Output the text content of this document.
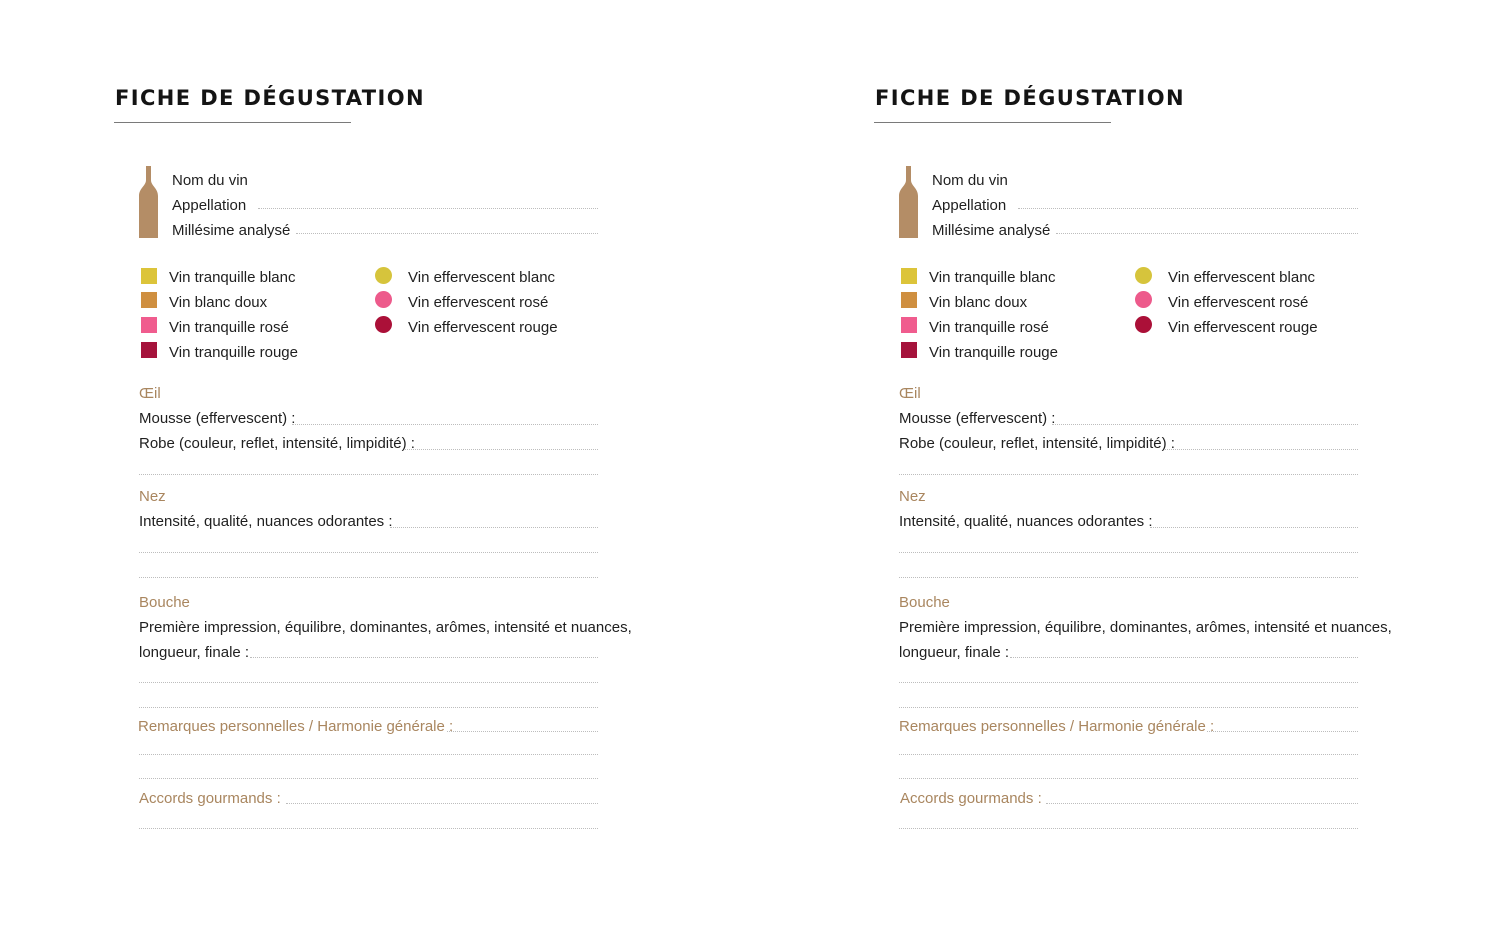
FICHE DE DÉGUSTATION
Nom du vin
Appellation
Millésime analysé
Vin tranquille blanc
Vin blanc doux
Vin tranquille rosé
Vin tranquille rouge
Vin effervescent blanc
Vin effervescent rosé
Vin effervescent rouge
Œil
Mousse (effervescent) :
Robe (couleur, reflet, intensité, limpidité) :
Nez
Intensité, qualité, nuances odorantes :
Bouche
Première impression, équilibre, dominantes, arômes, intensité et nuances,
longueur, finale :
Remarques personnelles / Harmonie générale :
Accords gourmands :
FICHE DE DÉGUSTATION
Nom du vin
Appellation
Millésime analysé
Vin tranquille blanc
Vin blanc doux
Vin tranquille rosé
Vin tranquille rouge
Vin effervescent blanc
Vin effervescent rosé
Vin effervescent rouge
Œil
Mousse (effervescent) :
Robe (couleur, reflet, intensité, limpidité) :
Nez
Intensité, qualité, nuances odorantes :
Bouche
Première impression, équilibre, dominantes, arômes, intensité et nuances,
longueur, finale :
Remarques personnelles / Harmonie générale :
Accords gourmands :
